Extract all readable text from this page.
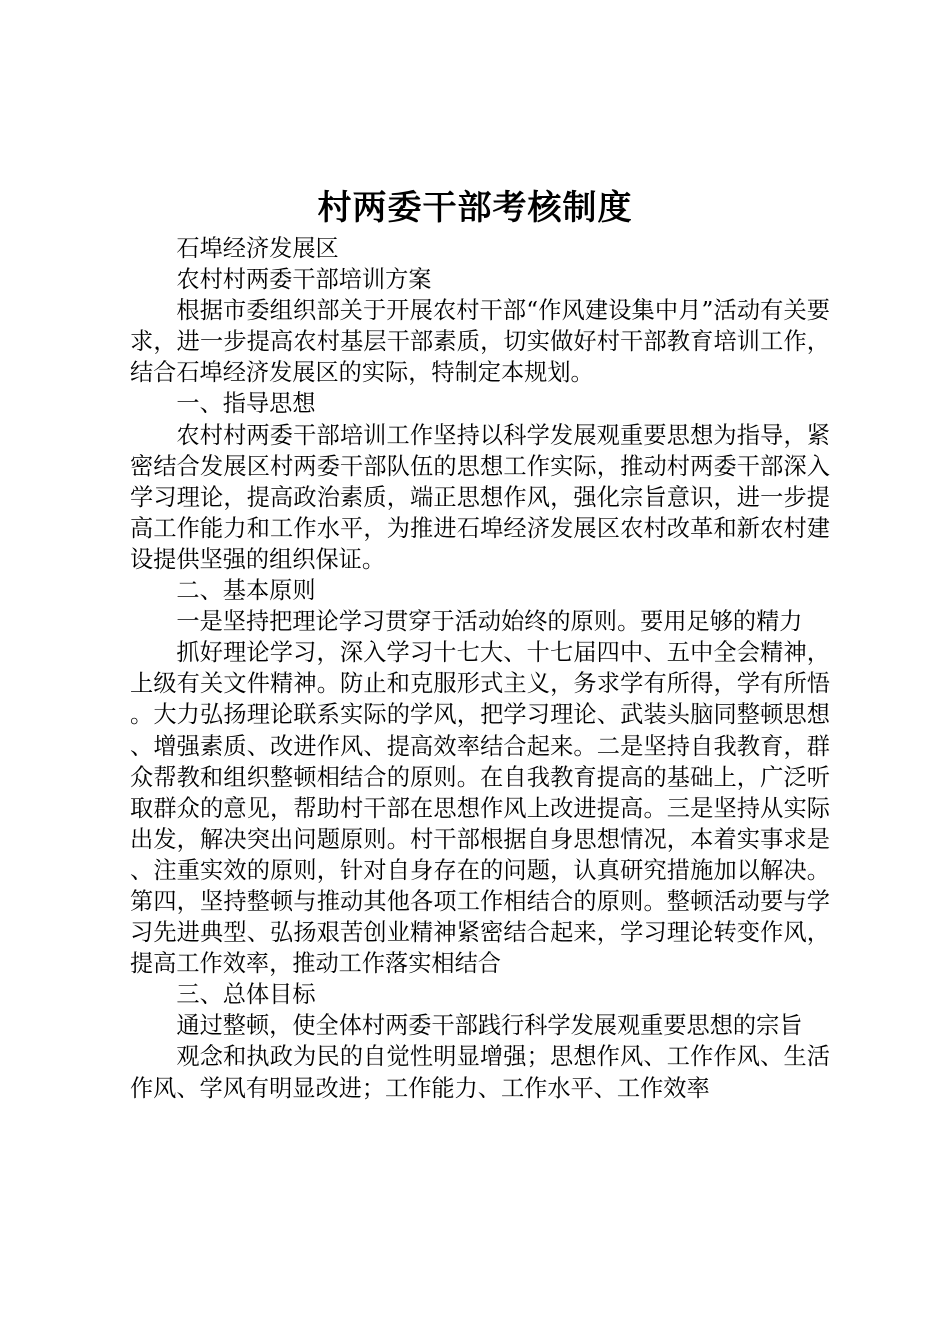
村两委干部考核制度

石埠经济发展区

农村村两委干部培训方案

根据市委组织部关于开展农村干部“作风建设集中月”活动有关要求，进一步提高农村基层干部素质，切实做好村干部教育培训工作，结合石埠经济发展区的实际，特制定本规划。

一、指导思想

农村村两委干部培训工作坚持以科学发展观重要思想为指导，紧密结合发展区村两委干部队伍的思想工作实际，推动村两委干部深入学习理论，提高政治素质，端正思想作风，强化宗旨意识，进一步提高工作能力和工作水平，为推进石埠经济发展区农村改革和新农村建设提供坚强的组织保证。

二、基本原则

一是坚持把理论学习贯穿于活动始终的原则。要用足够的精力

抓好理论学习，深入学习十七大、十七届四中、五中全会精神，上级有关文件精神。防止和克服形式主义，务求学有所得，学有所悟。大力弘扬理论联系实际的学风，把学习理论、武装头脑同整顿思想、增强素质、改进作风、提高效率结合起来。二是坚持自我教育，群众帮教和组织整顿相结合的原则。在自我教育提高的基础上，广泛听取群众的意见，帮助村干部在思想作风上改进提高。三是坚持从实际出发，解决突出问题原则。村干部根据自身思想情况，本着实事求是、注重实效的原则，针对自身存在的问题，认真研究措施加以解决。第四，坚持整顿与推动其他各项工作相结合的原则。整顿活动要与学习先进典型、弘扬艰苦创业精神紧密结合起来，学习理论转变作风，提高工作效率，推动工作落实相结合

三、总体目标

通过整顿，使全体村两委干部践行科学发展观重要思想的宗旨

观念和执政为民的自觉性明显增强；思想作风、工作作风、生活作风、学风有明显改进；工作能力、工作水平、工作效率
